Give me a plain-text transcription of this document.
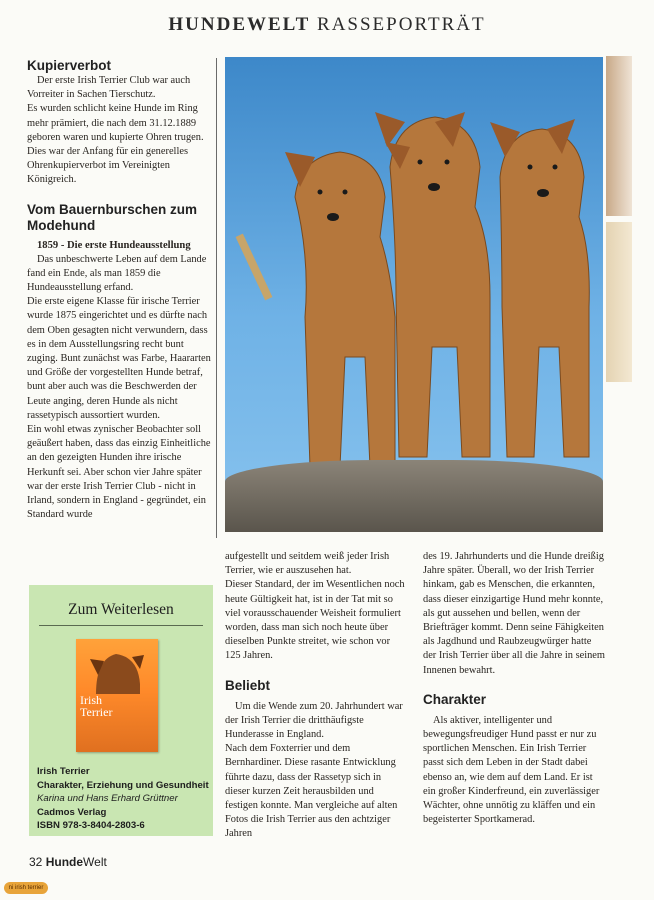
HUNDEWELT RASSEPORTRÄT
Kupierverbot

Der erste Irish Terrier Club war auch Vorreiter in Sachen Tierschutz.

Es wurden schlicht keine Hunde im Ring mehr prämiert, die nach dem 31.12.1889 geboren waren und kupierte Ohren trugen.

Dies war der Anfang für ein generelles Ohrenkupierverbot im Vereinigten Königreich.

Vom Bauernburschen zum Modehund

1859 - Die erste Hundeausstellung

Das unbeschwerte Leben auf dem Lande fand ein Ende, als man 1859 die Hundeausstellung erfand.

Die erste eigene Klasse für irische Terrier wurde 1875 eingerichtet und es dürfte nach dem Oben gesagten nicht verwundern, dass es in dem Ausstellungsring recht bunt zuging. Bunt zunächst was Farbe, Haararten und Größe der vorgestellten Hunde betraf, bunt aber auch was die Beschwerden der Leute anging, deren Hunde als nicht rassetypisch aussortiert wurden.

Ein wohl etwas zynischer Beobachter soll geäußert haben, dass das einzig Einheitliche an den gezeigten Hunden ihre irische Herkunft sei. Aber schon vier Jahre später war der erste Irish Terrier Club - nicht in Irland, sondern in England - gegründet, ein Standard wurde

aufgestellt und seitdem weiß jeder Irish Terrier, wie er auszusehen hat.

Dieser Standard, der im Wesentlichen noch heute Gültigkeit hat, ist in der Tat mit so viel vorausschauender Weisheit formuliert worden, dass man sich noch heute über dieselben Punkte streitet, wie schon vor 125 Jahren.

Beliebt

Um die Wende zum 20. Jahrhundert war der Irish Terrier die dritthäufigste Hunderasse in England.

Nach dem Foxterrier und dem Bernhardiner. Diese rasante Entwicklung führte dazu, dass der Rassetyp sich in dieser kurzen Zeit herausbilden und festigen konnte. Man vergleiche auf alten Fotos die Irish Terrier aus den achtziger Jahren

des 19. Jahrhunderts und die Hunde dreißig Jahre später. Überall, wo der Irish Terrier hinkam, gab es Menschen, die erkannten, dass dieser einzigartige Hund mehr konnte, als gut aussehen und bellen, wenn der Briefträger kommt. Denn seine Fähigkeiten als Jagdhund und Raubzeugwürger hatte der Irish Terrier über all die Jahre in seinem Innenen bewahrt.

Charakter

Als aktiver, intelligenter und bewegungsfreudiger Hund passt er nur zu sportlichen Menschen. Ein Irish Terrier passt sich dem Leben in der Stadt dabei ebenso an, wie dem auf dem Land. Er ist ein großer Kinderfreund, ein zuverlässiger Wächter, ohne unnötig zu kläffen und ein begeisterter Sportkamerad.

Zum Weiterlesen
Irish
Terrier
Irish Terrier
Charakter, Erziehung und Gesundheit
Karina und Hans Erhard Grüttner
Cadmos Verlag
ISBN 978-3-8404-2803-6
32 HundeWelt
ni irish terrier
